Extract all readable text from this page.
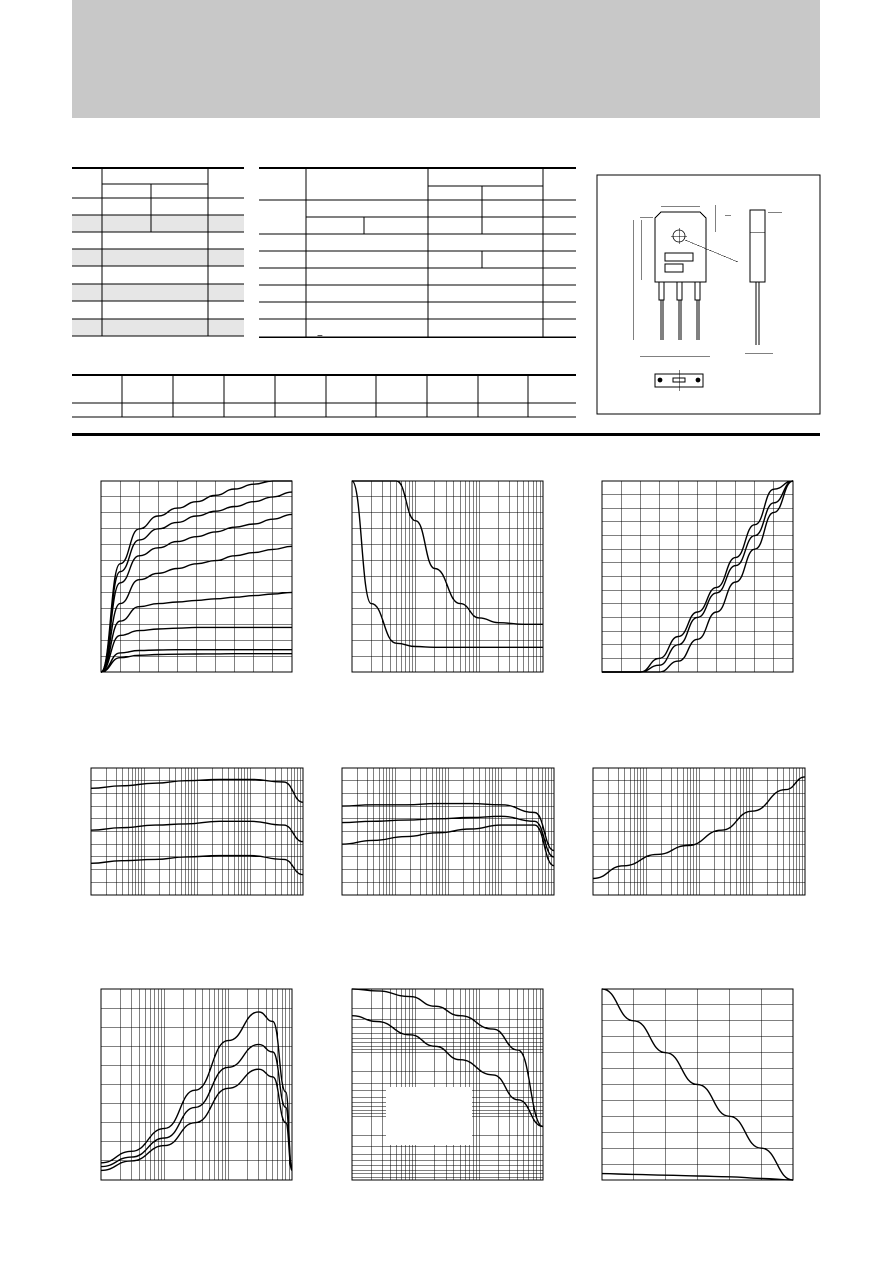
−
